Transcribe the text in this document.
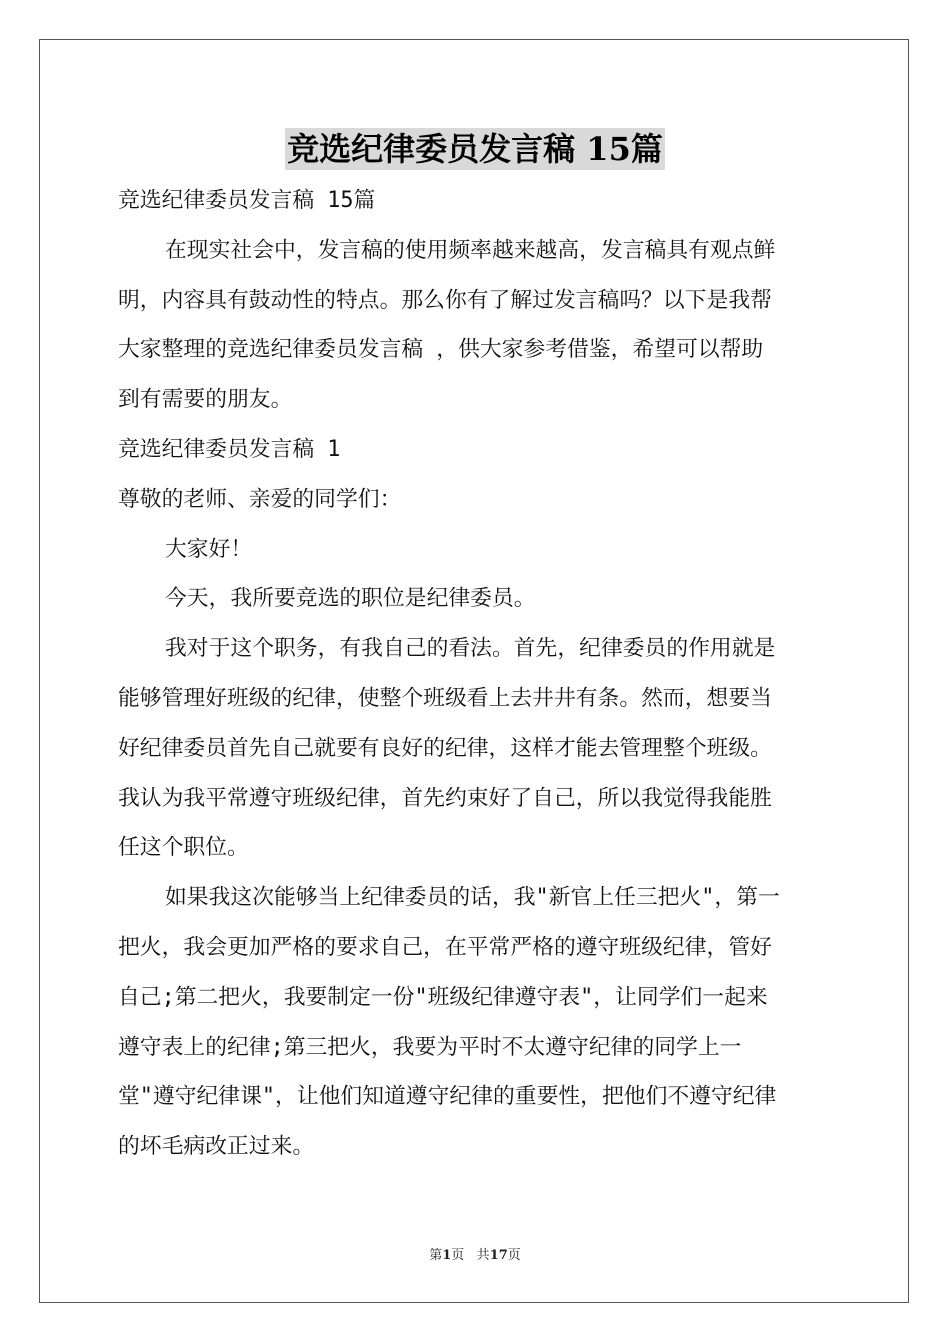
竞选纪律委员发言稿 15篇

竞选纪律委员发言稿 15篇

在现实社会中，发言稿的使用频率越来越高，发言稿具有观点鲜

明，内容具有鼓动性的特点。那么你有了解过发言稿吗？以下是我帮

大家整理的竞选纪律委员发言稿 ，供大家参考借鉴，希望可以帮助

到有需要的朋友。

竞选纪律委员发言稿 1

尊敬的老师、亲爱的同学们：

大家好！

今天，我所要竞选的职位是纪律委员。

我对于这个职务，有我自己的看法。首先，纪律委员的作用就是

能够管理好班级的纪律，使整个班级看上去井井有条。然而，想要当

好纪律委员首先自己就要有良好的纪律，这样才能去管理整个班级。

我认为我平常遵守班级纪律，首先约束好了自己，所以我觉得我能胜

任这个职位。

如果我这次能够当上纪律委员的话，我"新官上任三把火"，第一

把火，我会更加严格的要求自己，在平常严格的遵守班级纪律，管好

自己;第二把火，我要制定一份"班级纪律遵守表"，让同学们一起来

遵守表上的纪律;第三把火，我要为平时不太遵守纪律的同学上一

堂"遵守纪律课"，让他们知道遵守纪律的重要性，把他们不遵守纪律

的坏毛病改正过来。

第1页 共17页
